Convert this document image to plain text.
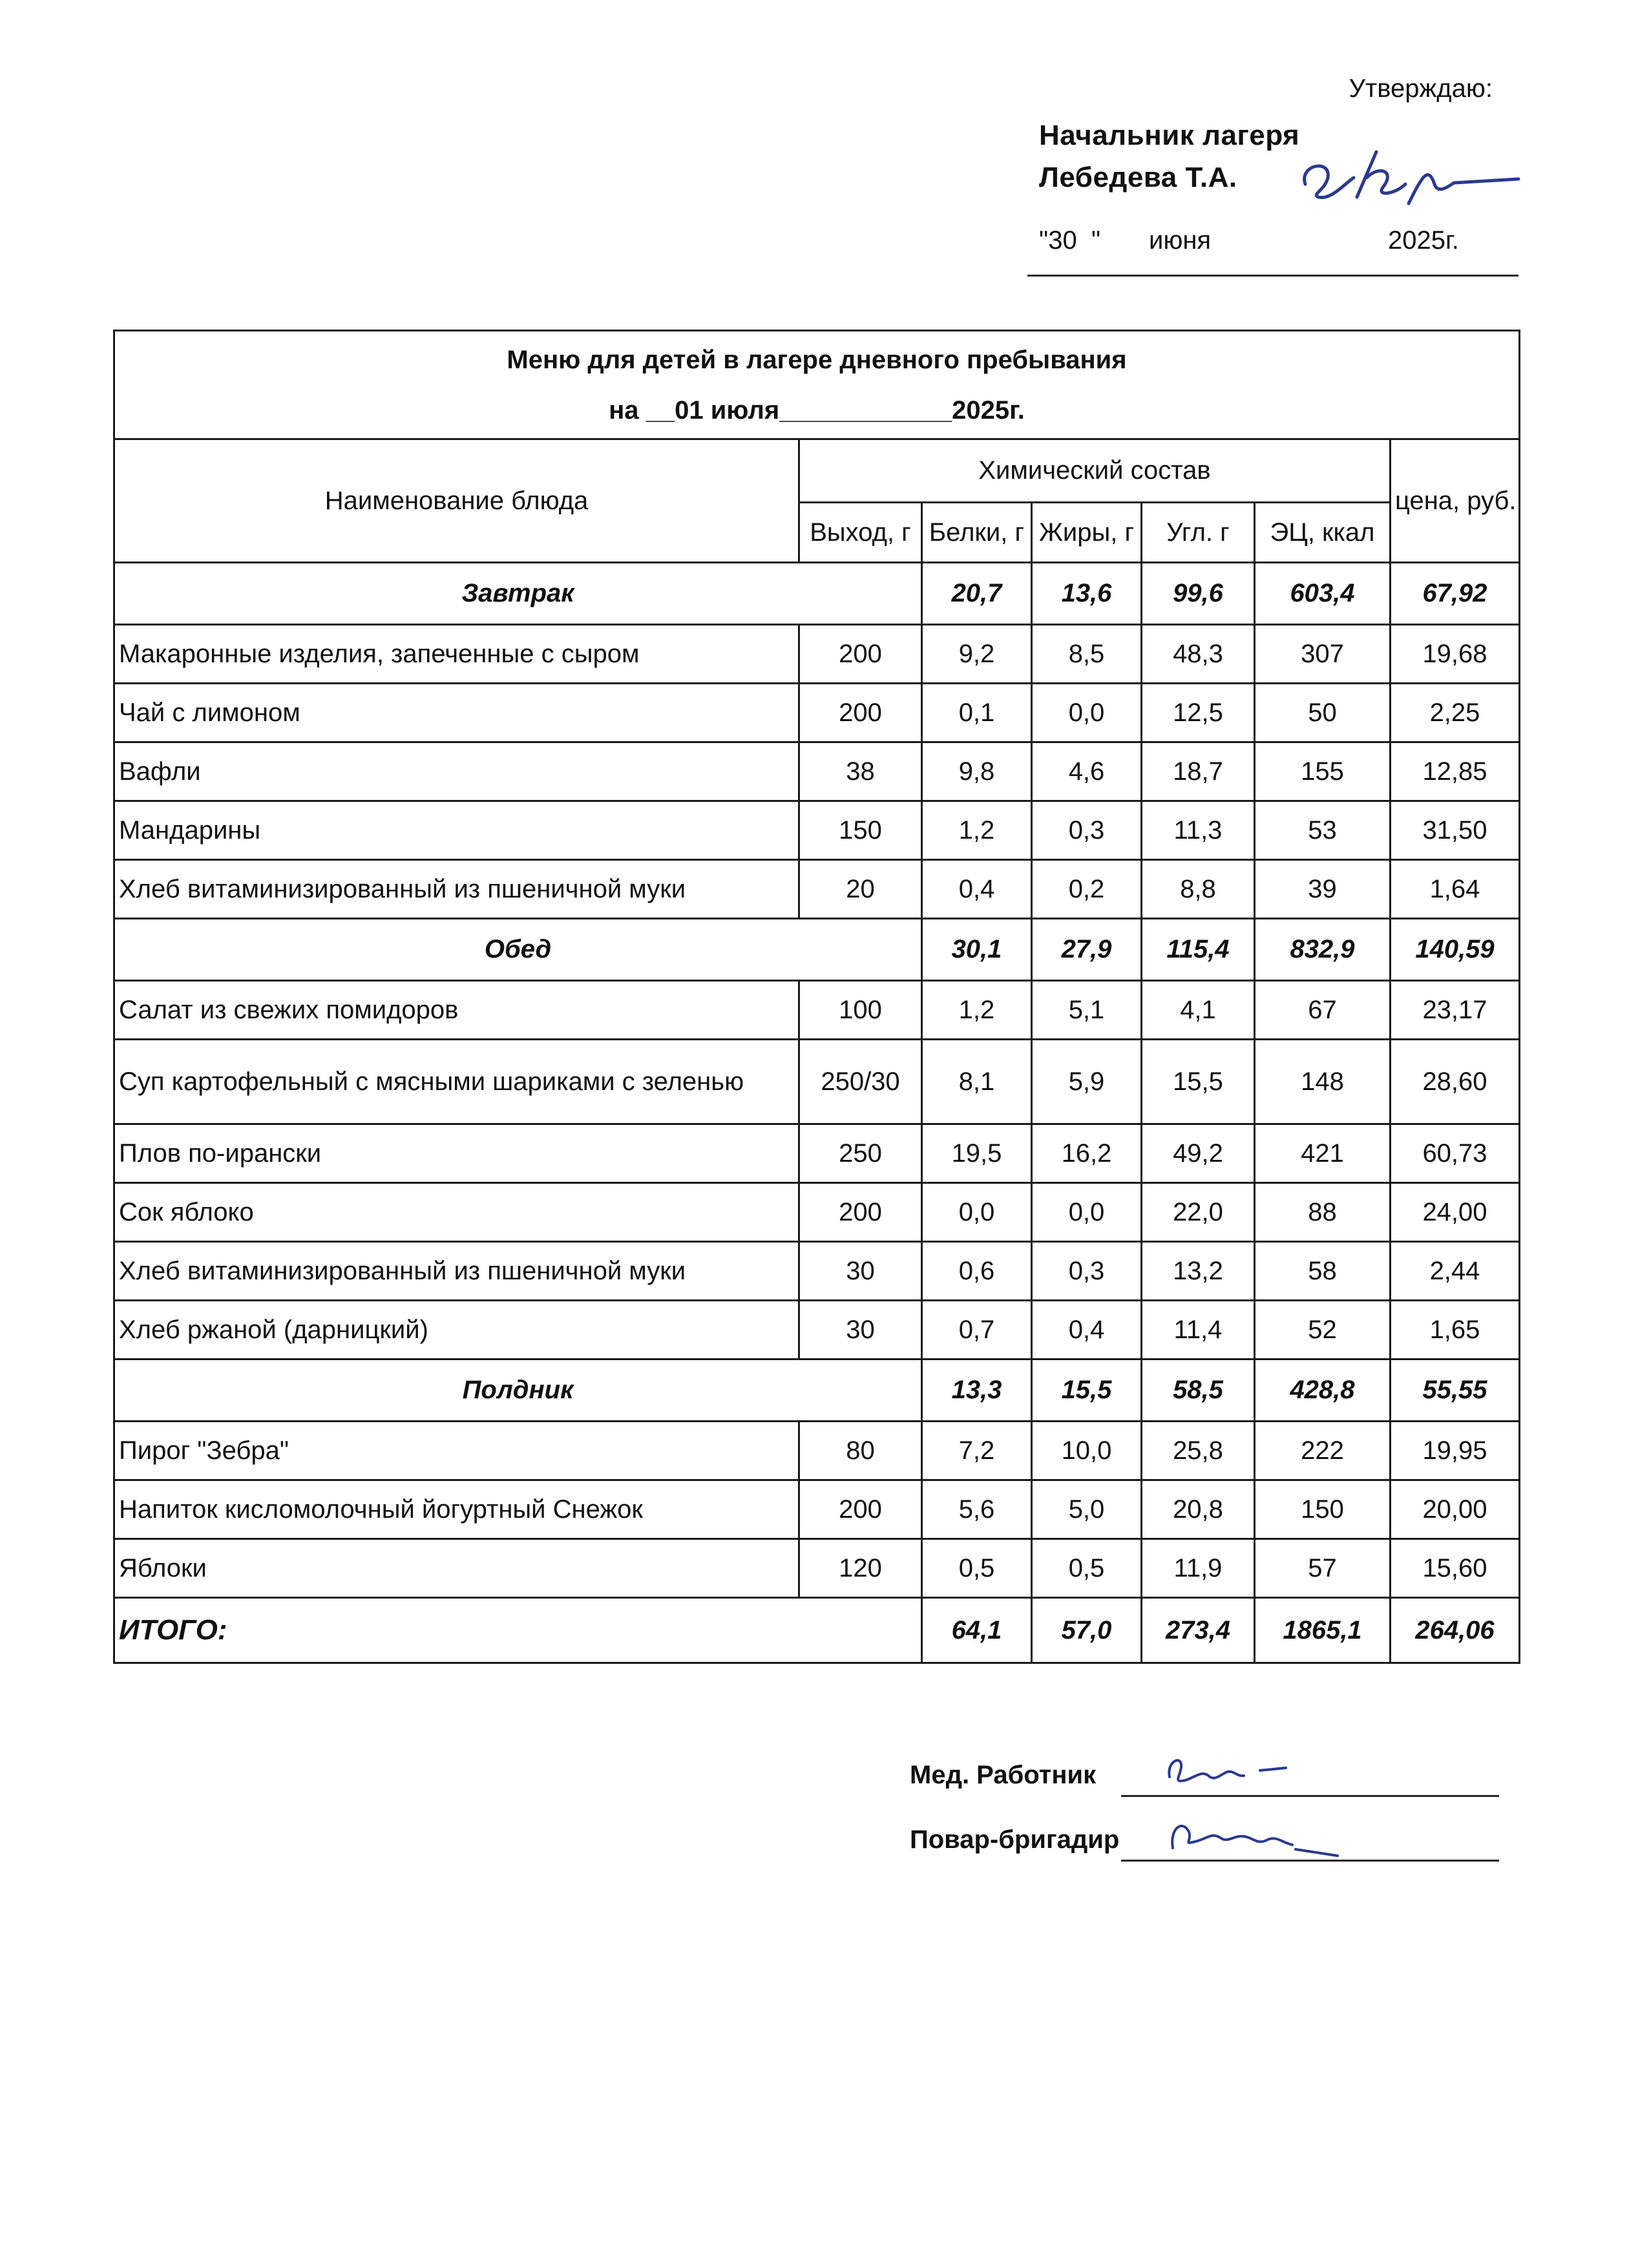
Утверждаю:
Начальник лагеря
Лебедева Т.А.
"30  " июня	2025г.
Меню для детей в лагере дневного пребывания
на __01 июля____________2025г.						

Наименование блюда	Химический состав					цена, руб.
	Выход, г	Белки, г	Жиры, г	Угл. г	ЭЦ, ккал	
Завтрак		20,7	13,6	99,6	603,4	67,92
Макаронные изделия, запеченные с сыром	200	9,2	8,5	48,3	307	19,68
Чай с лимоном	200	0,1	0,0	12,5	50	2,25
Вафли	38	9,8	4,6	18,7	155	12,85
Мандарины	150	1,2	0,3	11,3	53	31,50
Хлеб витаминизированный из пшеничной муки	20	0,4	0,2	8,8	39	1,64
Обед		30,1	27,9	115,4	832,9	140,59
Салат из свежих помидоров	100	1,2	5,1	4,1	67	23,17
Суп картофельный с мясными шариками с зеленью	250/30	8,1	5,9	15,5	148	28,60
Плов по-ирански	250	19,5	16,2	49,2	421	60,73
Сок яблоко	200	0,0	0,0	22,0	88	24,00
Хлеб витаминизированный из пшеничной муки	30	0,6	0,3	13,2	58	2,44
Хлеб ржаной (дарницкий)	30	0,7	0,4	11,4	52	1,65
Полдник		13,3	15,5	58,5	428,8	55,55
Пирог "Зебра"	80	7,2	10,0	25,8	222	19,95
Напиток кисломолочный йогуртный Снежок	200	5,6	5,0	20,8	150	20,00
Яблоки	120	0,5	0,5	11,9	57	15,60
ИТОГО:		64,1	57,0	273,4	1865,1	264,06
Мед. Работник
Повар-бригадир
